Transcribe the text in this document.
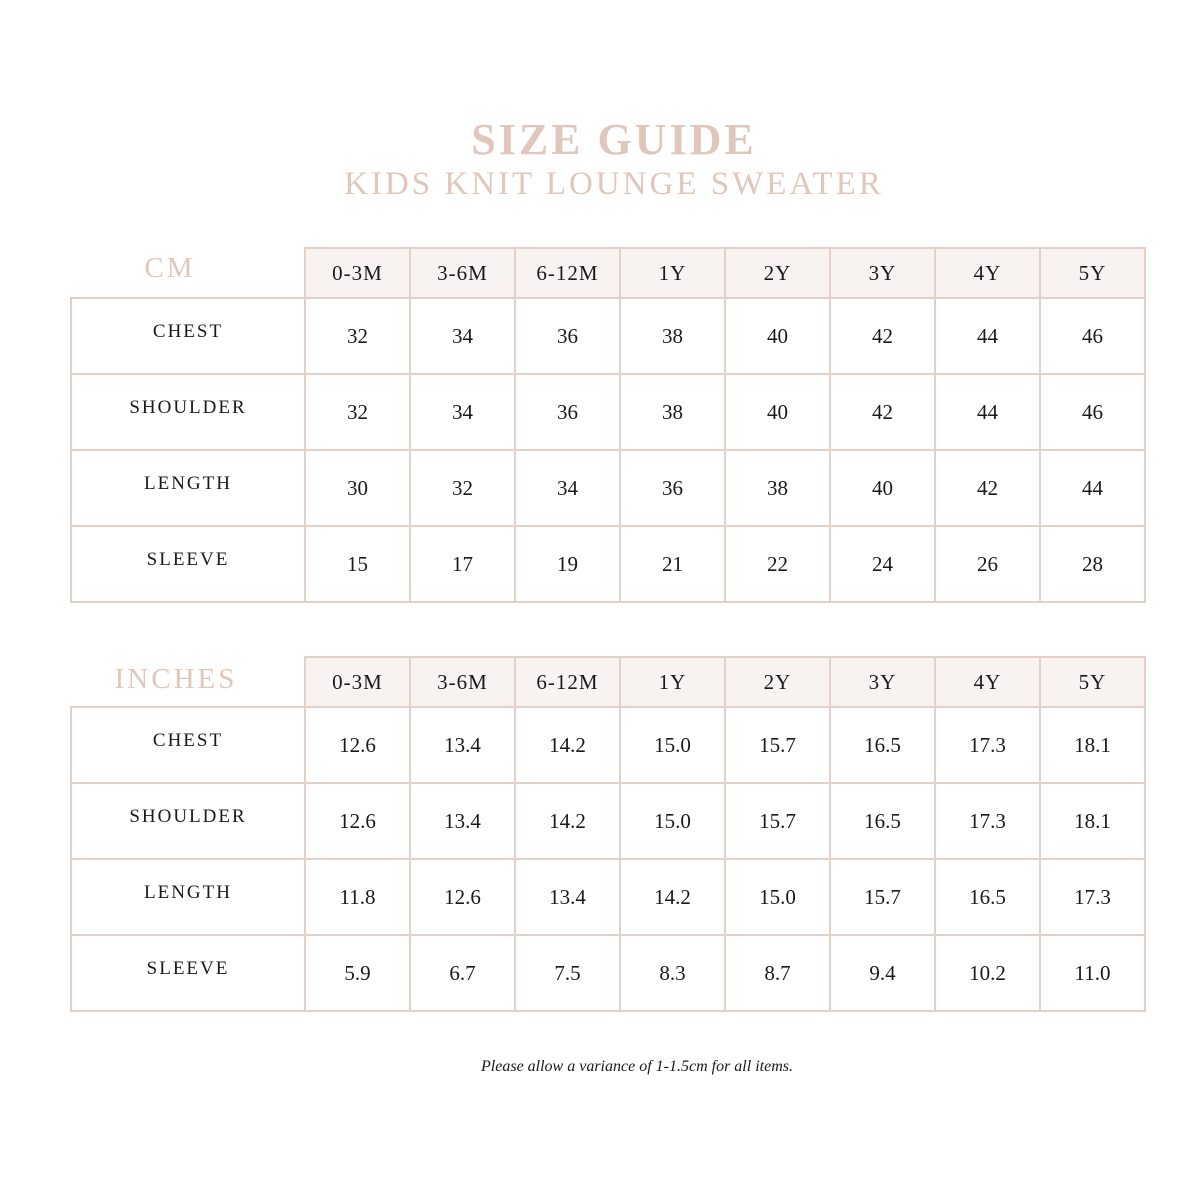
SIZE GUIDE
KIDS KNIT LOUNGE SWEATER
CM
		0-3M	3-6M	6-12M	1Y	2Y	3Y	4Y	5Y
CHEST	32	34	36	38	40	42	44	46
SHOULDER	32	34	36	38	40	42	44	46
LENGTH	30	32	34	36	38	40	42	44
SLEEVE	15	17	19	21	22	24	26	28
INCHES
		0-3M	3-6M	6-12M	1Y	2Y	3Y	4Y	5Y
CHEST	12.6	13.4	14.2	15.0	15.7	16.5	17.3	18.1
SHOULDER	12.6	13.4	14.2	15.0	15.7	16.5	17.3	18.1
LENGTH	11.8	12.6	13.4	14.2	15.0	15.7	16.5	17.3
SLEEVE	5.9	6.7	7.5	8.3	8.7	9.4	10.2	11.0
Please allow a variance of 1-1.5cm for all items.
